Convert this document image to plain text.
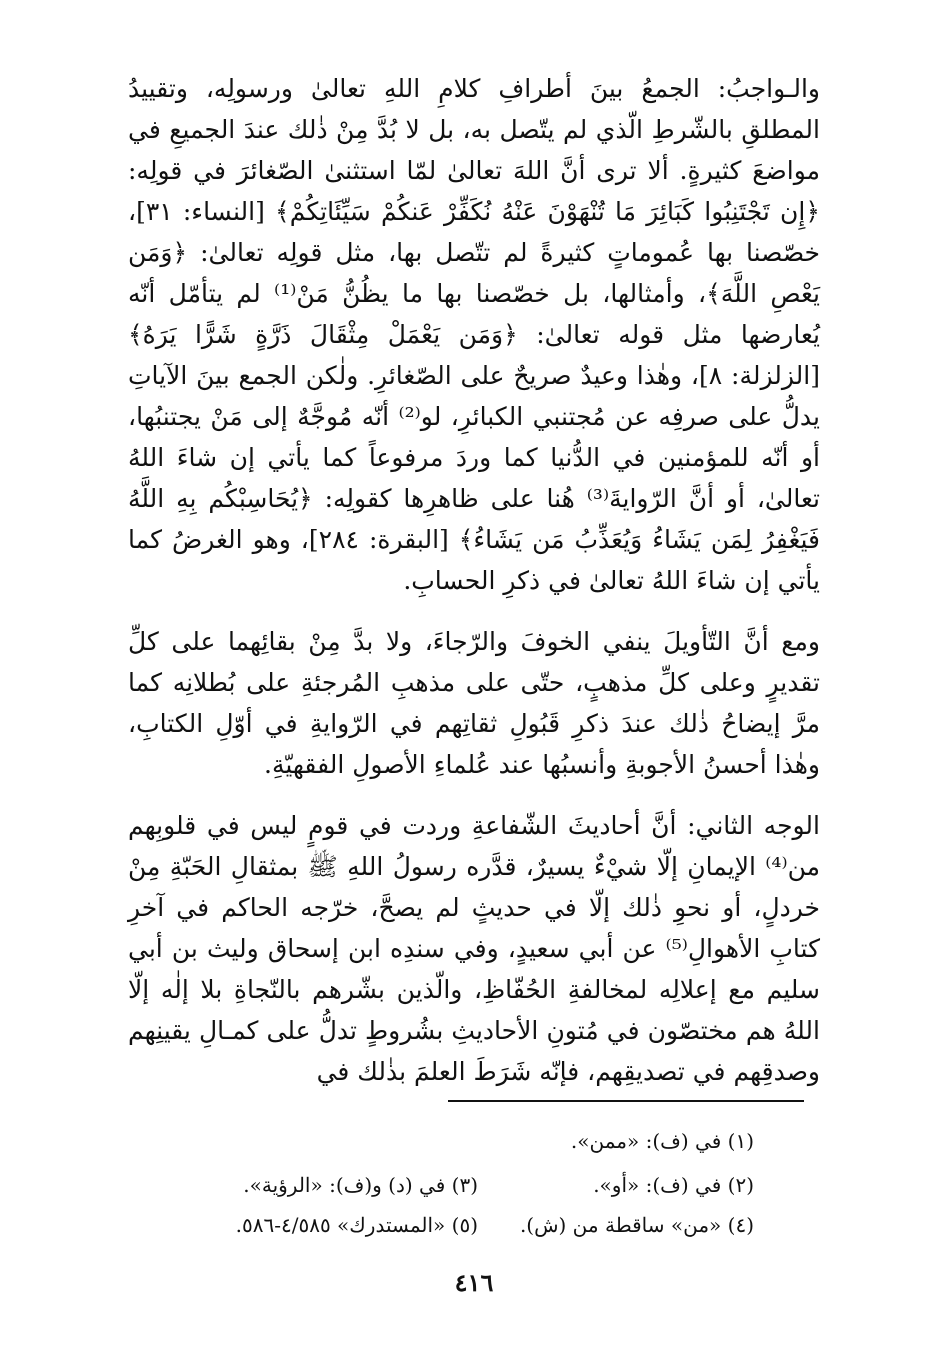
والـواجبُ: الجمعُ بينَ أطرافِ كلامِ اللهِ تعالىٰ ورسولِه، وتقييدُ المطلقِ بالشّرطِ الّذي لم يتّصل به، بل لا بُدَّ مِنْ ذٰلك عندَ الجميعِ في مواضعَ كثيرةٍ. ألا ترى أنَّ اللهَ تعالىٰ لمّا استثنىٰ الصّغائرَ في قولِه: ﴿إِن تَجْتَنِبُوا كَبَائِرَ مَا تُنْهَوْنَ عَنْهُ نُكَفِّرْ عَنكُمْ سَيِّئَاتِكُمْ﴾ [النساء: ٣١]، خصّصنا بها عُموماتٍ كثيرةً لم تتّصل بها، مثل قولِه تعالىٰ: ﴿وَمَن يَعْصِ اللَّهَ﴾، وأمثالها، بل خصّصنا بها ما يظُنُّ مَنْ⁽¹⁾ لم يتأمّل أنّه يُعارضها مثل قوله تعالىٰ: ﴿وَمَن يَعْمَلْ مِثْقَالَ ذَرَّةٍ شَرًّا يَرَهُ﴾ [الزلزلة: ٨]، وهٰذا وعيدٌ صريحٌ على الصّغائرِ. ولٰكن الجمع بينَ الآياتِ يدلُّ على صرفِه عن مُجتنبي الكبائرِ، لو⁽²⁾ أنّه مُوجَّهٌ إلى مَنْ يجتنبُها، أو أنّه للمؤمنين في الدُّنيا كما وردَ مرفوعاً كما يأتي إن شاءَ اللهُ تعالىٰ، أو أنَّ الرّوايةَ⁽³⁾ هُنا على ظاهرِها كقولِه: ﴿يُحَاسِبْكُم بِهِ اللَّهُ فَيَغْفِرُ لِمَن يَشَاءُ وَيُعَذِّبُ مَن يَشَاءُ﴾ [البقرة: ٢٨٤]، وهو الغرضُ كما يأتي إن شاءَ اللهُ تعالىٰ في ذكرِ الحسابِ.

ومع أنَّ التّأويلَ ينفي الخوفَ والرّجاءَ، ولا بدَّ مِنْ بقائِهما على كلِّ تقديرٍ وعلى كلِّ مذهبٍ، حتّى على مذهبِ المُرجئةِ على بُطلانِه كما مرَّ إيضاحُ ذٰلك عندَ ذكرِ قَبُولِ ثقاتِهم في الرّوايةِ في أوّلِ الكتابِ، وهٰذا أحسنُ الأجوبةِ وأنسبُها عند عُلماءِ الأصولِ الفقهيّةِ.

الوجه الثاني: أنَّ أحاديثَ الشّفاعةِ وردت في قومٍ ليس في قلوبِهم من⁽⁴⁾ الإيمانِ إلّا شيْءٌ يسيرٌ، قدَّره رسولُ اللهِ ﷺ بمثقالِ الحَبّةِ مِنْ خردلٍ، أو نحوِ ذٰلك إلّا في حديثٍ لم يصحَّ، خرّجه الحاكم في آخرِ كتابِ الأهوالِ⁽⁵⁾ عن أبي سعيدٍ، وفي سندِه ابن إسحاق وليث بن أبي سليم مع إعلالِه لمخالفةِ الحُفّاظِ، والّذين بشّرهم بالنّجاةِ بلا إلٰه إلّا اللهُ هم مختصّون في مُتونِ الأحاديثِ بشُروطٍ تدلُّ على كمـالِ يقينِهم وصدقِهم في تصديقِهم، فإنّه شَرَطَ العلمَ بذٰلك في

(١) في (ف): «ممن».
(٢) في (ف): «أو».
(٣) في (د) و(ف): «الرؤية».
(٤) «من» ساقطة من (ش).
(٥) «المستدرك» ٤/٥٨٥-٥٨٦.
٤١٦
